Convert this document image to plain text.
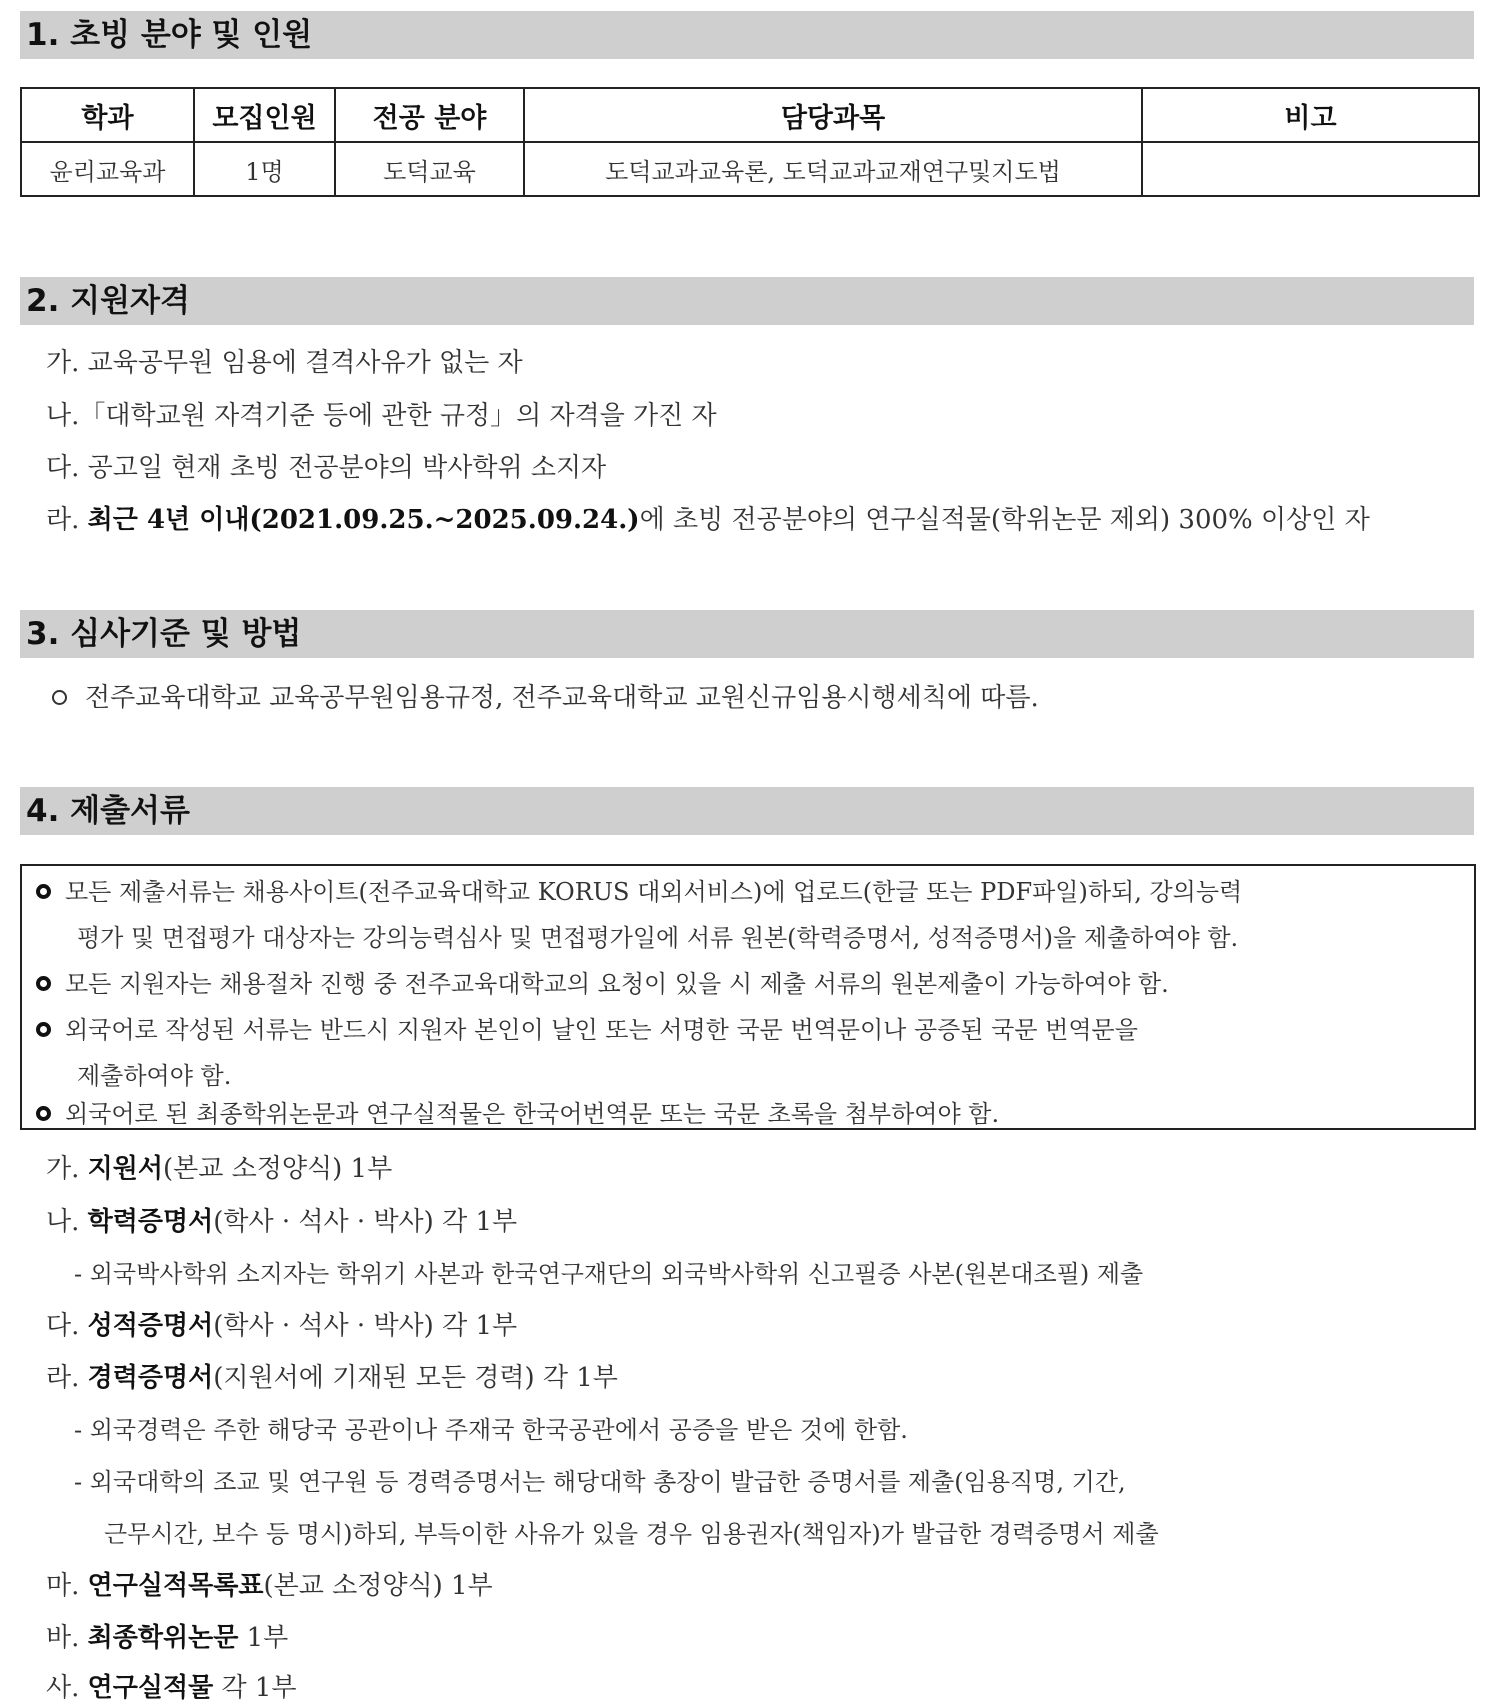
1. 초빙 분야 및 인원
학과	모집인원	전공 분야	담당과목	비고
윤리교육과	1명	도덕교육	도덕교과교육론, 도덕교과교재연구및지도법	
2. 지원자격
가. 교육공무원 임용에 결격사유가 없는 자
나.「대학교원 자격기준 등에 관한 규정」의 자격을 가진 자
다. 공고일 현재 초빙 전공분야의 박사학위 소지자
라. 최근 4년 이내(2021.09.25.~2025.09.24.)에 초빙 전공분야의 연구실적물(학위논문 제외) 300% 이상인 자
3. 심사기준 및 방법
전주교육대학교 교육공무원임용규정, 전주교육대학교 교원신규임용시행세칙에 따름.
4. 제출서류
모든 제출서류는 채용사이트(전주교육대학교 KORUS 대외서비스)에 업로드(한글 또는 PDF파일)하되, 강의능력
평가 및 면접평가 대상자는 강의능력심사 및 면접평가일에 서류 원본(학력증명서, 성적증명서)을 제출하여야 함.
모든 지원자는 채용절차 진행 중 전주교육대학교의 요청이 있을 시 제출 서류의 원본제출이 가능하여야 함.
외국어로 작성된 서류는 반드시 지원자 본인이 날인 또는 서명한 국문 번역문이나 공증된 국문 번역문을
제출하여야 함.
외국어로 된 최종학위논문과 연구실적물은 한국어번역문 또는 국문 초록을 첨부하여야 함.
가. 지원서(본교 소정양식) 1부
나. 학력증명서(학사 · 석사 · 박사) 각 1부
- 외국박사학위 소지자는 학위기 사본과 한국연구재단의 외국박사학위 신고필증 사본(원본대조필) 제출
다. 성적증명서(학사 · 석사 · 박사) 각 1부
라. 경력증명서(지원서에 기재된 모든 경력) 각 1부
- 외국경력은 주한 해당국 공관이나 주재국 한국공관에서 공증을 받은 것에 한함.
- 외국대학의 조교 및 연구원 등 경력증명서는 해당대학 총장이 발급한 증명서를 제출(임용직명, 기간,
근무시간, 보수 등 명시)하되, 부득이한 사유가 있을 경우 임용권자(책임자)가 발급한 경력증명서 제출
마. 연구실적목록표(본교 소정양식) 1부
바. 최종학위논문 1부
사. 연구실적물 각 1부
